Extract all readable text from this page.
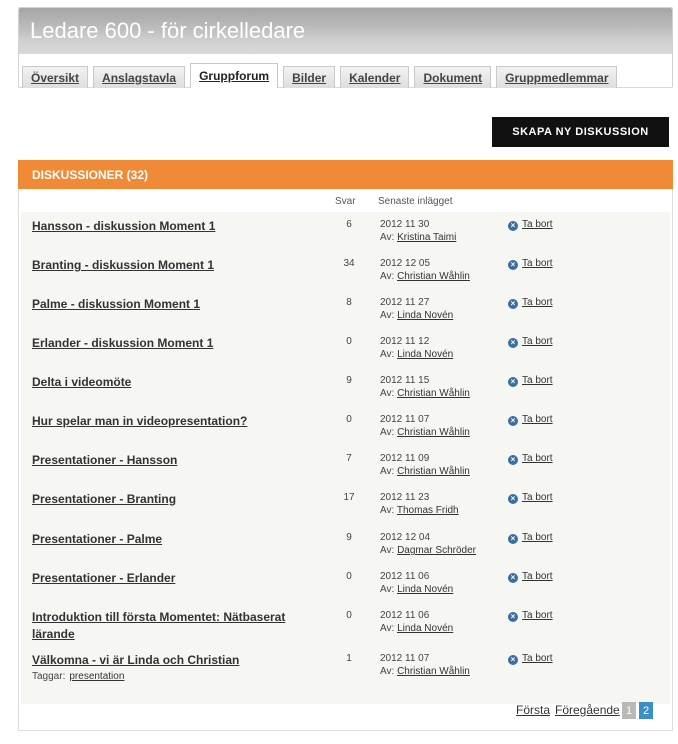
Ledare 600 - för cirkelledare
Översikt	Anslagstavla	Gruppforum	Bilder	Kalender	Dokument	Gruppmedlemmar
SKAPA NY DISKUSSION
DISKUSSIONER (32)
Svar Senaste inlägget
Hansson - diskussion Moment 1	6	2012 11 30
Av: Kristina Taimi
× Ta bort
Branting - diskussion Moment 1	34	2012 12 05
Av: Christian Wåhlin
× Ta bort
Palme - diskussion Moment 1	8	2012 11 27
Av: Linda Novén
× Ta bort
Erlander - diskussion Moment 1	0	2012 11 12
Av: Linda Novén
× Ta bort
Delta i videomöte	9	2012 11 15
Av: Christian Wåhlin
× Ta bort
Hur spelar man in videopresentation?	0	2012 11 07
Av: Christian Wåhlin
× Ta bort
Presentationer - Hansson	7	2012 11 09
Av: Christian Wåhlin
× Ta bort
Presentationer - Branting	17	2012 11 23
Av: Thomas Fridh
× Ta bort
Presentationer - Palme	9	2012 12 04
Av: Dagmar Schröder
× Ta bort
Presentationer - Erlander	0	2012 11 06
Av: Linda Novén
× Ta bort
Introduktion till första Momentet: Nätbaserat lärande
0	2012 11 06
Av: Linda Novén
× Ta bort
Välkomna - vi är Linda och Christian	1	2012 11 07
Av: Christian Wåhlin
× Ta bort
Taggar: presentation
Första Föregående 1 2
